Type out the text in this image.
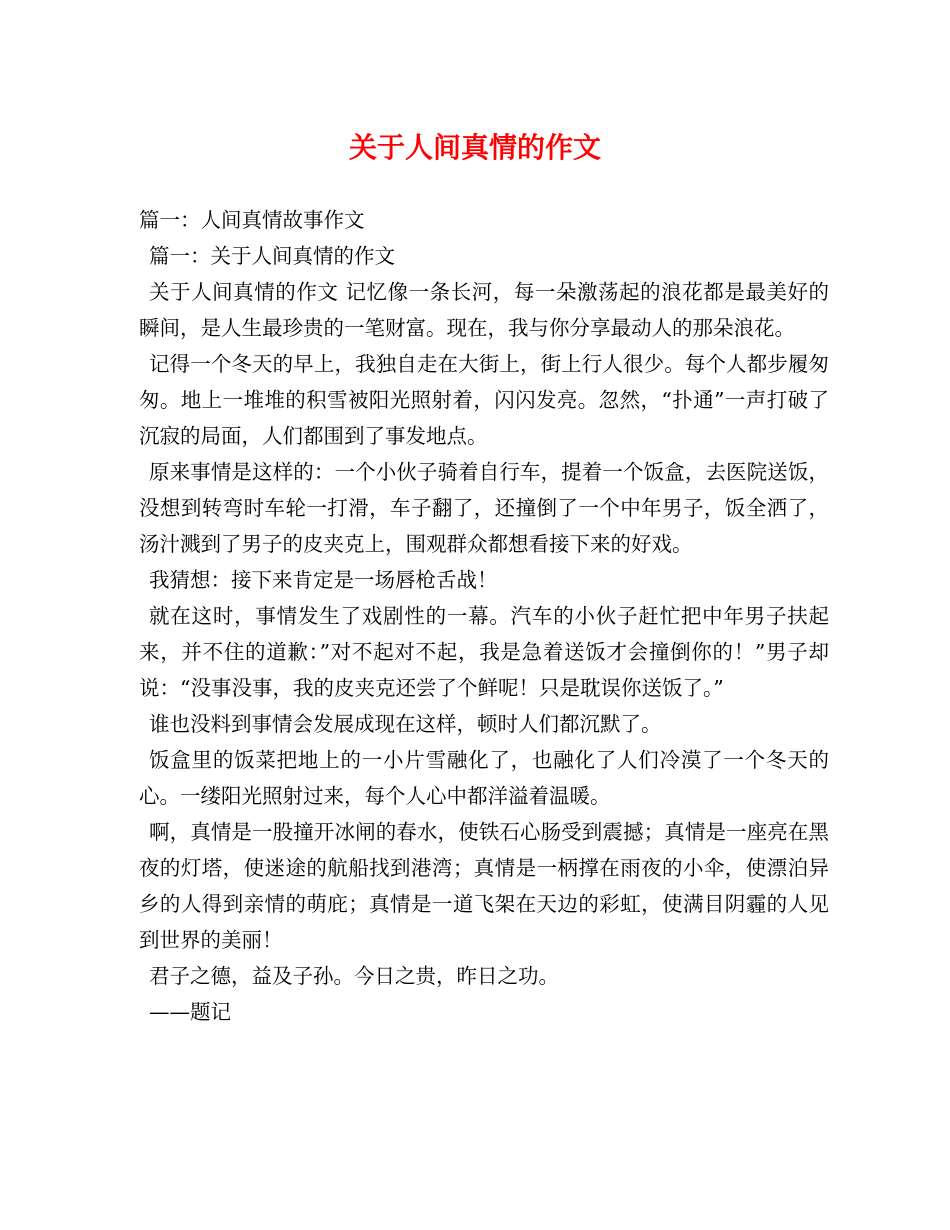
关于人间真情的作文

篇一：人间真情故事作文

篇一：关于人间真情的作文

关于人间真情的作文 记忆像一条长河，每一朵激荡起的浪花都是最美好的瞬间，是人生最珍贵的一笔财富。现在，我与你分享最动人的那朵浪花。

记得一个冬天的早上，我独自走在大街上，街上行人很少。每个人都步履匆匆。地上一堆堆的积雪被阳光照射着，闪闪发亮。忽然，“扑通”一声打破了沉寂的局面，人们都围到了事发地点。

原来事情是这样的：一个小伙子骑着自行车，提着一个饭盒，去医院送饭，没想到转弯时车轮一打滑，车子翻了，还撞倒了一个中年男子，饭全洒了，汤汁溅到了男子的皮夹克上，围观群众都想看接下来的好戏。

我猜想：接下来肯定是一场唇枪舌战！

就在这时，事情发生了戏剧性的一幕。汽车的小伙子赶忙把中年男子扶起来，并不住的道歉：”对不起对不起，我是急着送饭才会撞倒你的！”男子却说：“没事没事，我的皮夹克还尝了个鲜呢！只是耽误你送饭了。”

谁也没料到事情会发展成现在这样，顿时人们都沉默了。

饭盒里的饭菜把地上的一小片雪融化了，也融化了人们冷漠了一个冬天的心。一缕阳光照射过来，每个人心中都洋溢着温暖。

啊，真情是一股撞开冰闸的春水，使铁石心肠受到震撼；真情是一座亮在黑夜的灯塔，使迷途的航船找到港湾；真情是一柄撑在雨夜的小伞，使漂泊异乡的人得到亲情的萌庇；真情是一道飞架在天边的彩虹，使满目阴霾的人见到世界的美丽！

君子之德，益及子孙。今日之贵，昨日之功。

——题记
